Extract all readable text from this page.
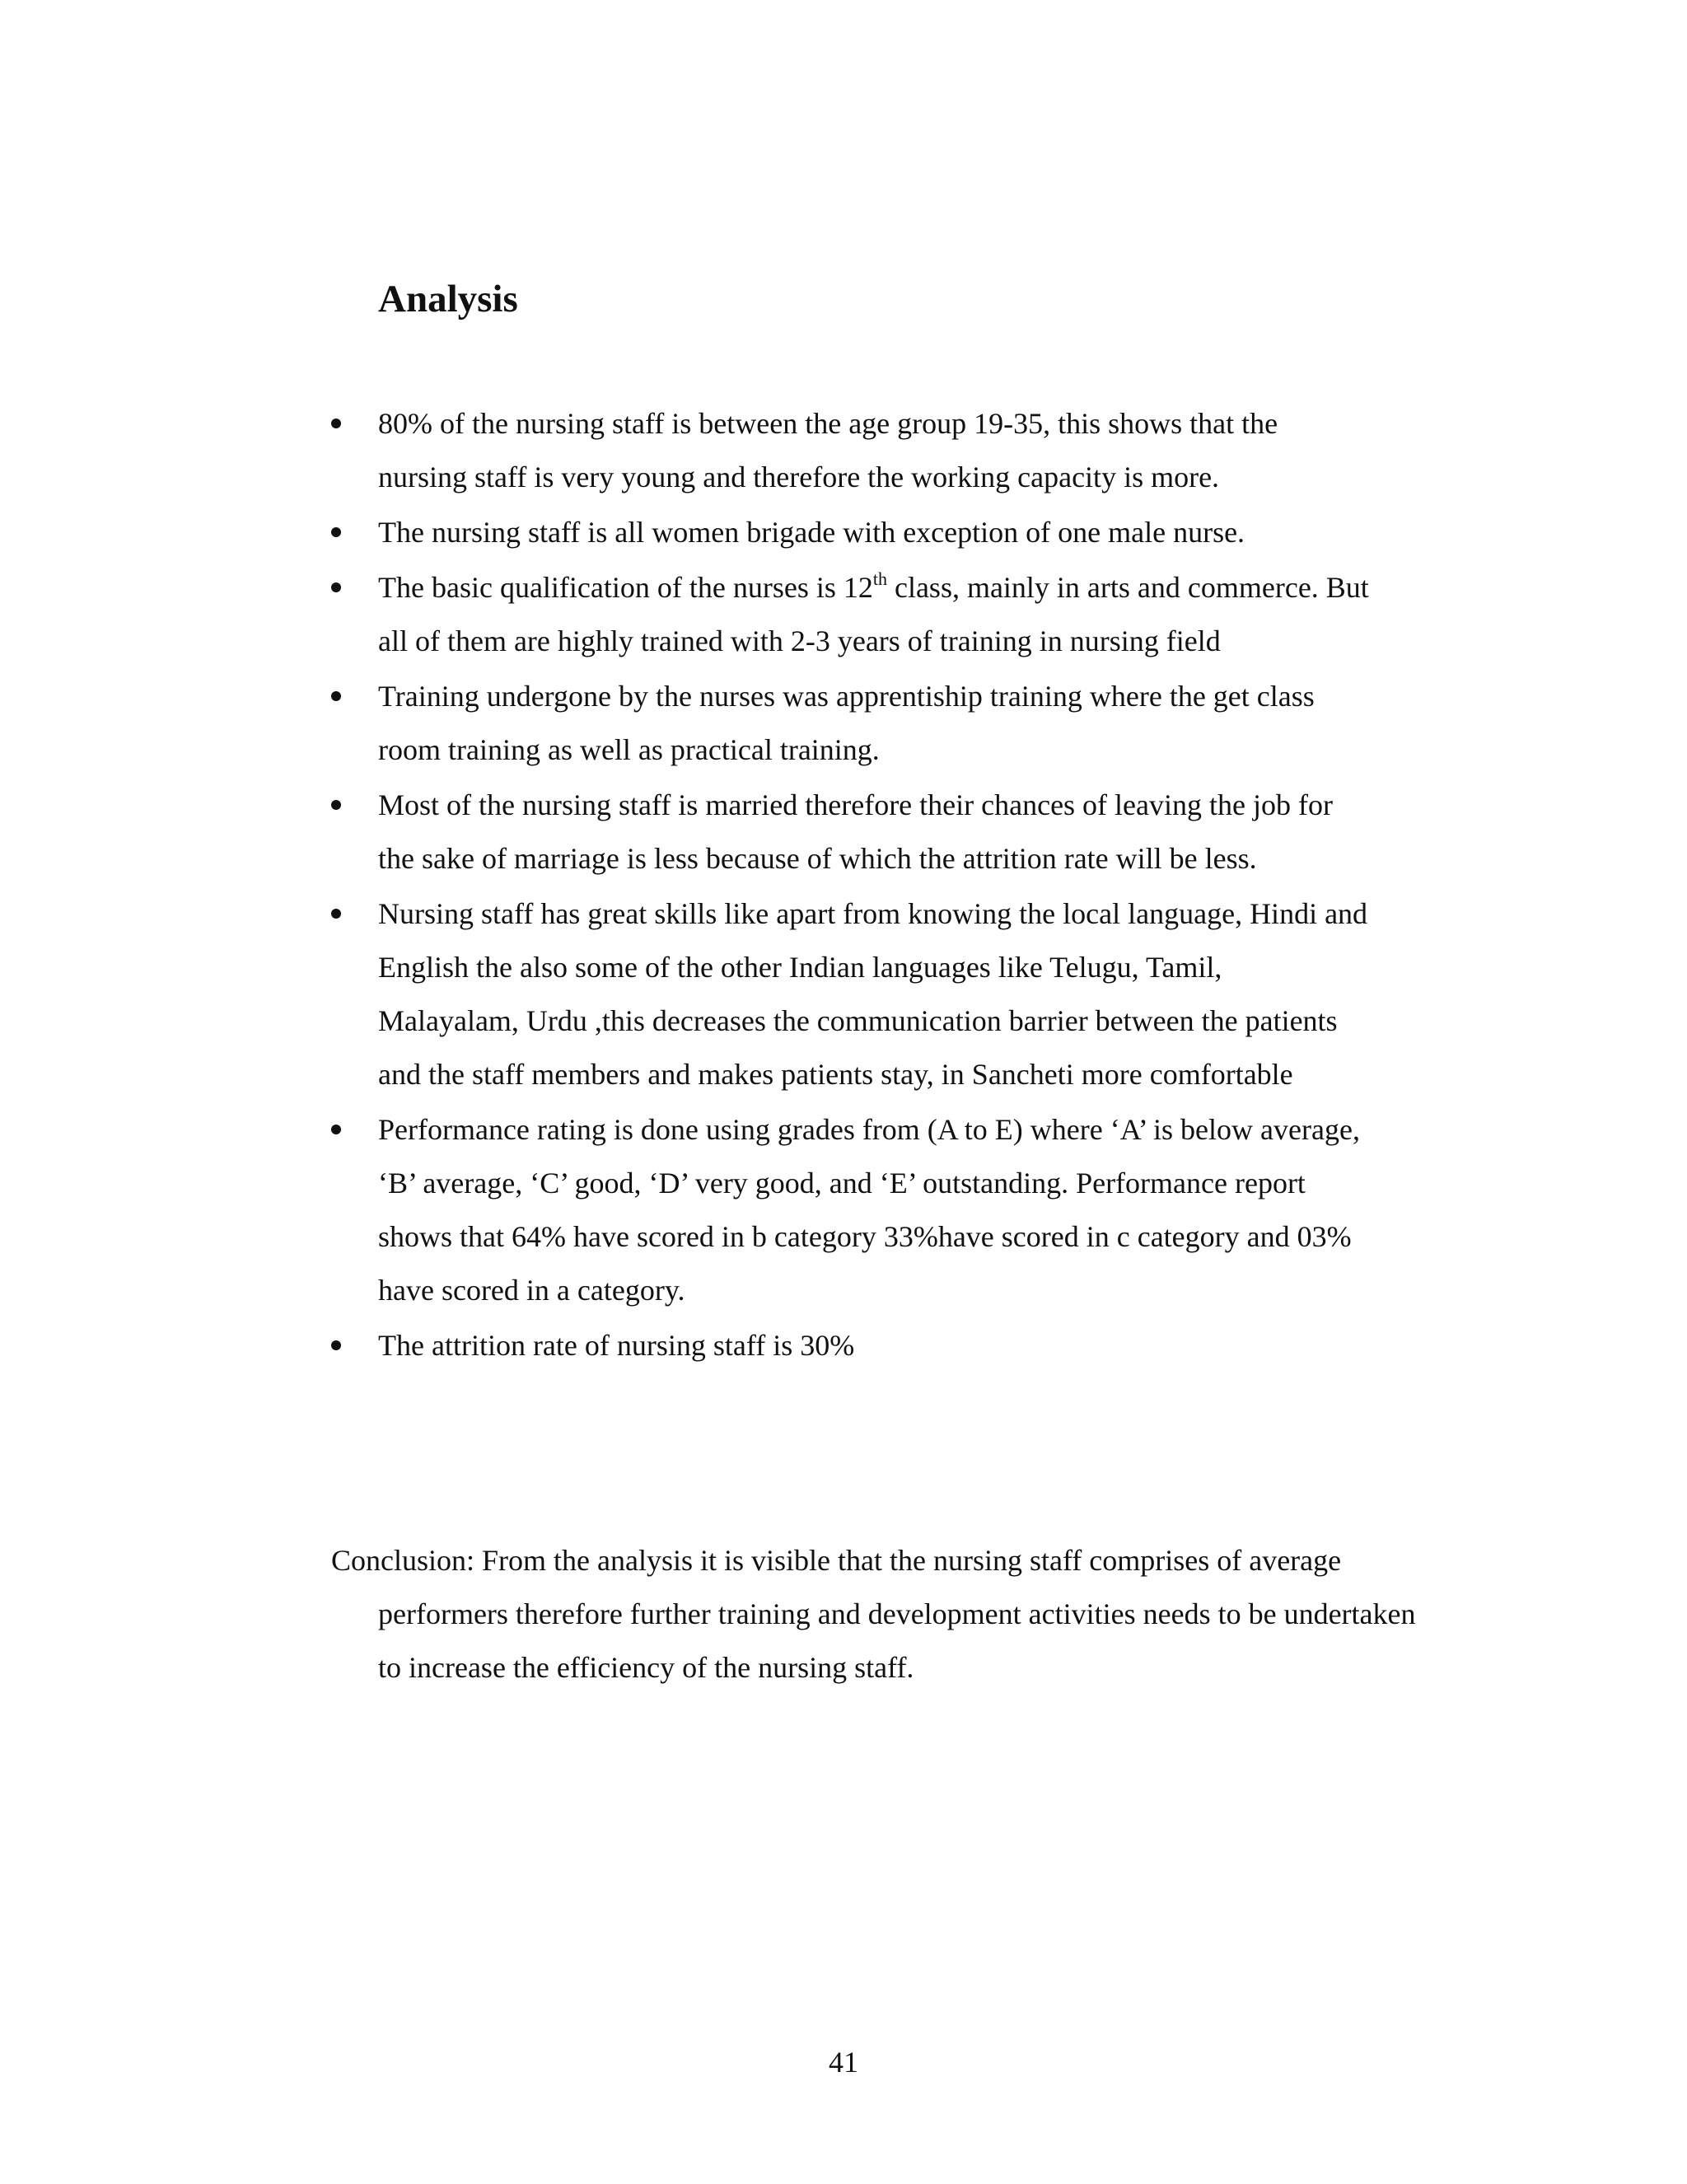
Analysis
80% of the nursing staff is between the age group 19-35, this shows that the nursing staff is very young and therefore the working capacity is more.
The nursing staff is all women brigade with exception of one male nurse.
The basic qualification of the nurses is 12th class, mainly in arts and commerce. But all of them are highly trained with 2-3 years of training in nursing field
Training undergone by the nurses was apprentiship training where the get class room training as well as practical training.
Most of the nursing staff is married therefore their chances of leaving the job for the sake of marriage is less because of which the attrition rate will be less.
Nursing staff has great skills like apart from knowing the local language, Hindi and English the also some of the other Indian languages like Telugu, Tamil, Malayalam, Urdu ,this decreases the communication barrier between the patients and the staff members and makes patients stay, in Sancheti more comfortable
Performance rating is done using grades from (A to E) where ‘A’ is below average, ‘B’ average, ‘C’ good, ‘D’ very good, and ‘E’ outstanding. Performance report shows that 64% have scored in b category 33%have scored in c category and 03% have scored in a category.
The attrition rate of nursing staff is 30%

Conclusion: From the analysis it is visible that the nursing staff comprises of average performers therefore further training and development activities needs to be undertaken to increase the efficiency of the nursing staff.

41
